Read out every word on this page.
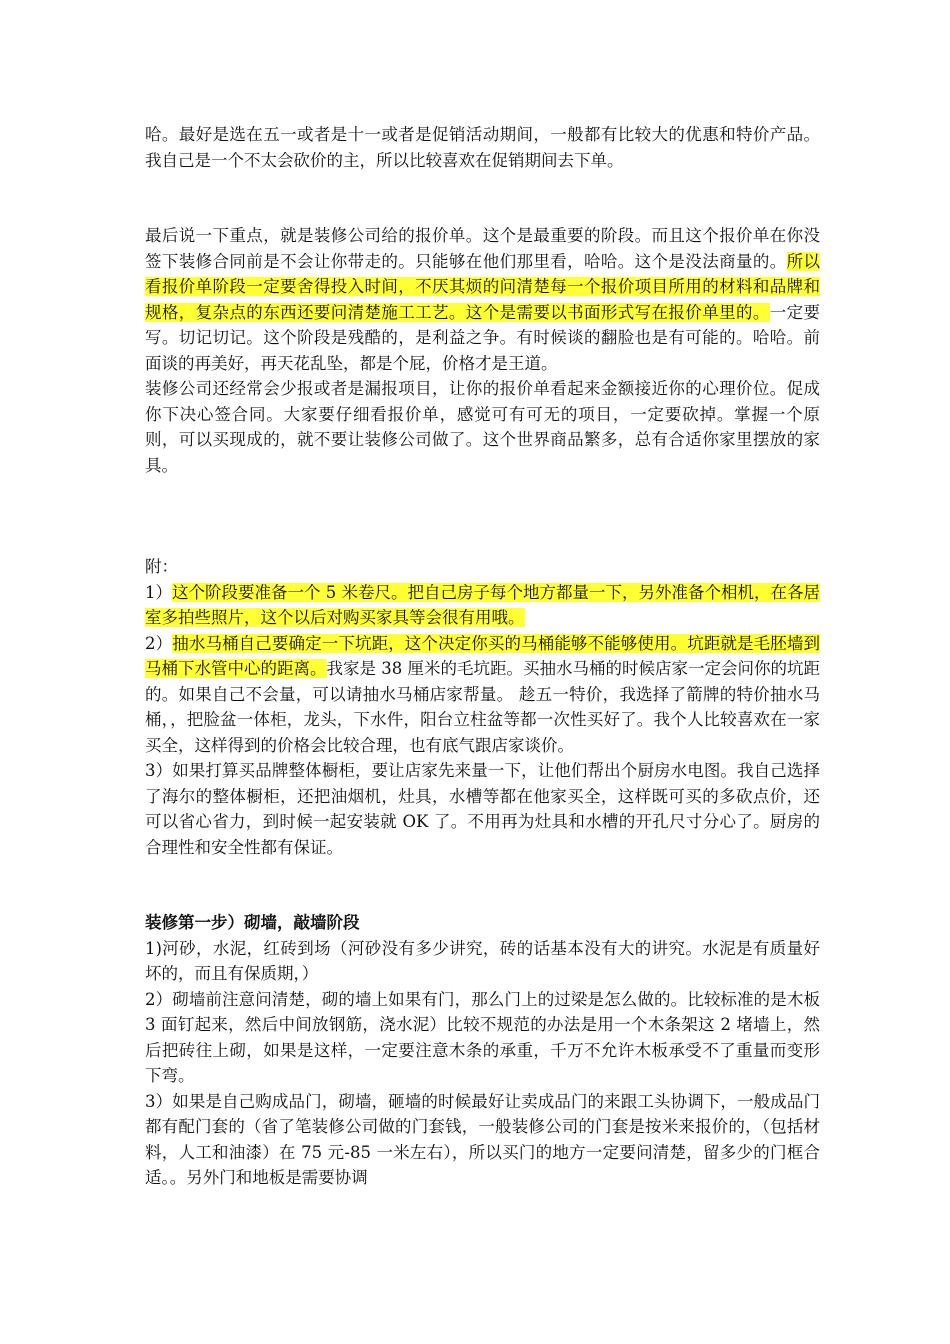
哈。最好是选在五一或者是十一或者是促销活动期间，一般都有比较大的优惠和特价产品。我自己是一个不太会砍价的主，所以比较喜欢在促销期间去下单。

最后说一下重点，就是装修公司给的报价单。这个是最重要的阶段。而且这个报价单在你没签下装修合同前是不会让你带走的。只能够在他们那里看，哈哈。这个是没法商量的。所以看报价单阶段一定要舍得投入时间，不厌其烦的问清楚每一个报价项目所用的材料和品牌和规格，复杂点的东西还要问清楚施工工艺。这个是需要以书面形式写在报价单里的。一定要写。切记切记。这个阶段是残酷的，是利益之争。有时候谈的翻脸也是有可能的。哈哈。前面谈的再美好，再天花乱坠，都是个屁，价格才是王道。

装修公司还经常会少报或者是漏报项目，让你的报价单看起来金额接近你的心理价位。促成你下决心签合同。大家要仔细看报价单，感觉可有可无的项目，一定要砍掉。掌握一个原则，可以买现成的，就不要让装修公司做了。这个世界商品繁多，总有合适你家里摆放的家具。

附：

1）这个阶段要准备一个 5 米卷尺。把自己房子每个地方都量一下，另外准备个相机，在各居室多拍些照片，这个以后对购买家具等会很有用哦。

2）抽水马桶自己要确定一下坑距，这个决定你买的马桶能够不能够使用。坑距就是毛胚墙到马桶下水管中心的距离。我家是 38 厘米的毛坑距。买抽水马桶的时候店家一定会问你的坑距的。如果自己不会量，可以请抽水马桶店家帮量。 趁五一特价，我选择了箭牌的特价抽水马桶，，把脸盆一体柜，龙头，下水件，阳台立柱盆等都一次性买好了。我个人比较喜欢在一家买全，这样得到的价格会比较合理，也有底气跟店家谈价。

3）如果打算买品牌整体橱柜，要让店家先来量一下，让他们帮出个厨房水电图。我自己选择了海尔的整体橱柜，还把油烟机，灶具，水槽等都在他家买全，这样既可买的多砍点价，还可以省心省力，到时候一起安装就 OK 了。不用再为灶具和水槽的开孔尺寸分心了。厨房的合理性和安全性都有保证。

装修第一步）砌墙，敲墙阶段

1)河砂，水泥，红砖到场（河砂没有多少讲究，砖的话基本没有大的讲究。水泥是有质量好坏的，而且有保质期，）

2）砌墙前注意问清楚，砌的墙上如果有门，那么门上的过梁是怎么做的。比较标准的是木板 3 面钉起来，然后中间放钢筋，浇水泥）比较不规范的办法是用一个木条架这 2 堵墙上，然后把砖往上砌，如果是这样，一定要注意木条的承重，千万不允许木板承受不了重量而变形下弯。

3）如果是自己购成品门，砌墙，砸墙的时候最好让卖成品门的来跟工头协调下，一般成品门都有配门套的（省了笔装修公司做的门套钱，一般装修公司的门套是按米来报价的，（包括材料，人工和油漆）在 75 元-85 一米左右），所以买门的地方一定要问清楚，留多少的门框合适。。另外门和地板是需要协调
